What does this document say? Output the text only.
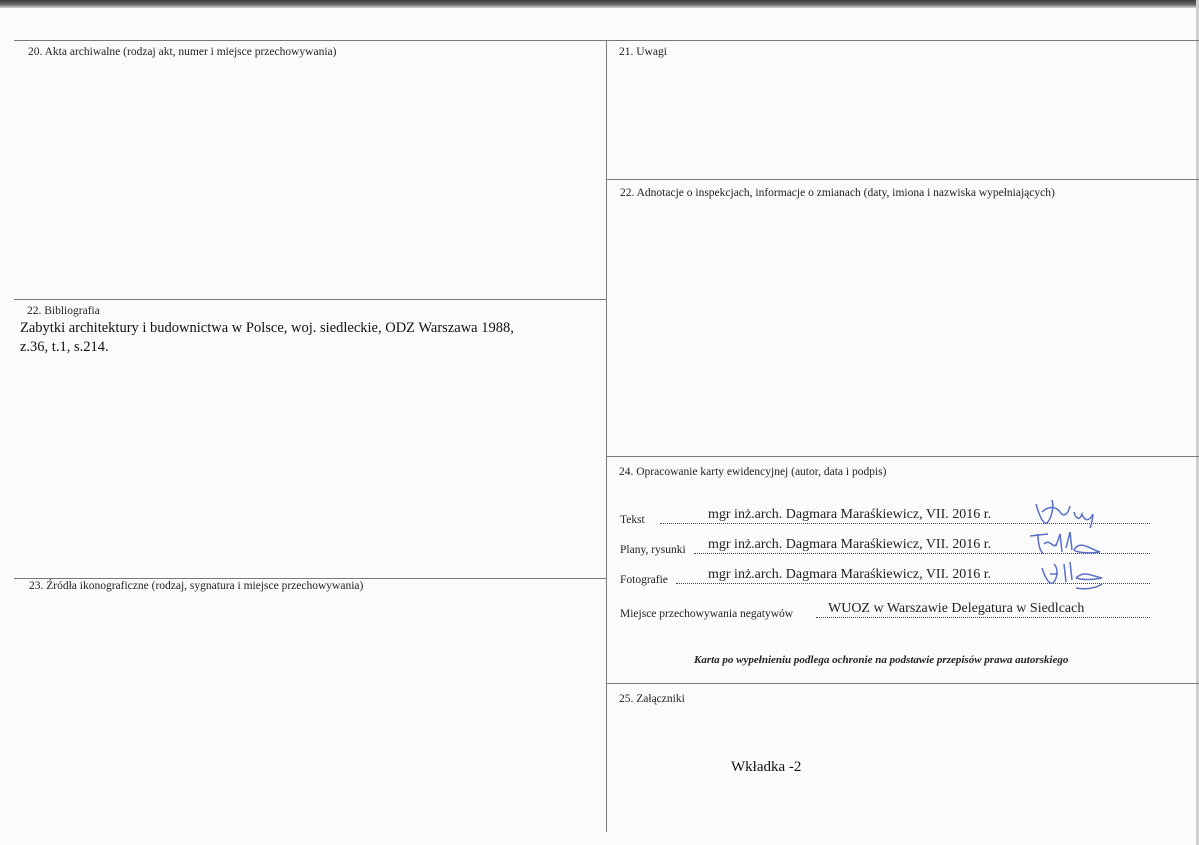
20. Akta archiwalne (rodzaj akt, numer i miejsce przechowywania)	21. Uwagi
22. Adnotacje o inspekcjach, informacje o zmianach (daty, imiona i nazwiska wypełniających)
22. Bibliografia
Zabytki architektury i budownictwa w Polsce, woj. siedleckie, ODZ Warszawa 1988,
z.36, t.1, s.214.
23. Źródła ikonograficzne (rodzaj, sygnatura i miejsce przechowywania)
24. Opracowanie karty ewidencyjnej (autor, data i podpis)
Tekst	mgr inż.arch. Dagmara Maraśkiewicz, VII. 2016 r.
Plany, rysunki mgr inż.arch. Dagmara Maraśkiewicz, VII. 2016 r.
Fotografie	mgr inż.arch. Dagmara Maraśkiewicz, VII. 2016 r.
Miejsce przechowywania negatywów WUOZ w Warszawie Delegatura w Siedlcach
Karta po wypełnieniu podlega ochronie na podstawie przepisów prawa autorskiego
25. Załączniki
Wkładka -2
